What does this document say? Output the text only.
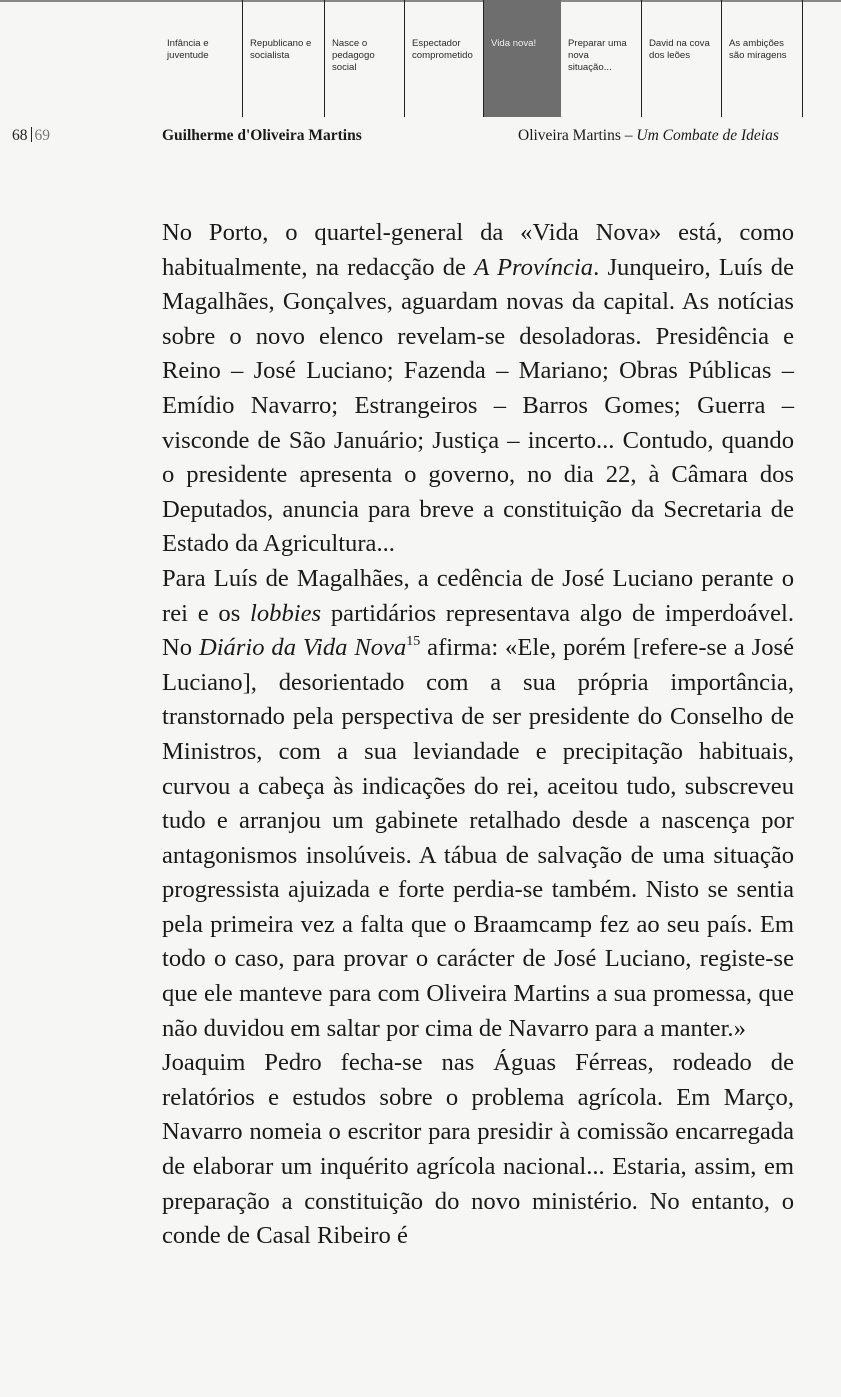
Infância e juventude
Republicano e socialista
Nasce o pedagogo social
Espectador comprometido
Vida nova!	Preparar uma nova situação...
David na cova dos leões
As ambições são miragens
68 69	Guilherme d'Oliveira Martins	Oliveira Martins – Um Combate de Ideias

No Porto, o quartel-general da «Vida Nova» está, como habitualmente, na redacção de A Província. Junqueiro, Luís de Magalhães, Gonçalves, aguardam novas da capital. As notícias sobre o novo elenco revelam-se desoladoras. Presidência e Reino – José Luciano; Fazenda – Mariano; Obras Públicas – Emídio Navarro; Estrangeiros – Barros Gomes; Guerra – visconde de São Januário; Justiça – incerto... Contudo, quando o presidente apresenta o governo, no dia 22, à Câmara dos Deputados, anuncia para breve a constituição da Secretaria de Estado da Agricultura...

Para Luís de Magalhães, a cedência de José Luciano perante o rei e os lobbies partidários representava algo de imperdoável. No Diário da Vida Nova$^{15}$ afirma: «Ele, porém [refere-se a José Luciano], desorientado com a sua própria importância, transtornado pela perspectiva de ser presidente do Conselho de Ministros, com a sua leviandade e precipitação habituais, curvou a cabeça às indicações do rei, aceitou tudo, subscreveu tudo e arranjou um gabinete retalhado desde a nascença por antagonismos insolúveis. A tábua de salvação de uma situação progressista ajuizada e forte perdia-se também. Nisto se sentia pela primeira vez a falta que o Braamcamp fez ao seu país. Em todo o caso, para provar o carácter de José Luciano, registe-se que ele manteve para com Oliveira Martins a sua promessa, que não duvidou em saltar por cima de Navarro para a manter.»

Joaquim Pedro fecha-se nas Águas Férreas, rodeado de relatórios e estudos sobre o problema agrícola. Em Março, Navarro nomeia o escritor para presidir à comissão encarregada de elaborar um inquérito agrícola nacional... Estaria, assim, em preparação a constituição do novo ministério. No entanto, o conde de Casal Ribeiro é
